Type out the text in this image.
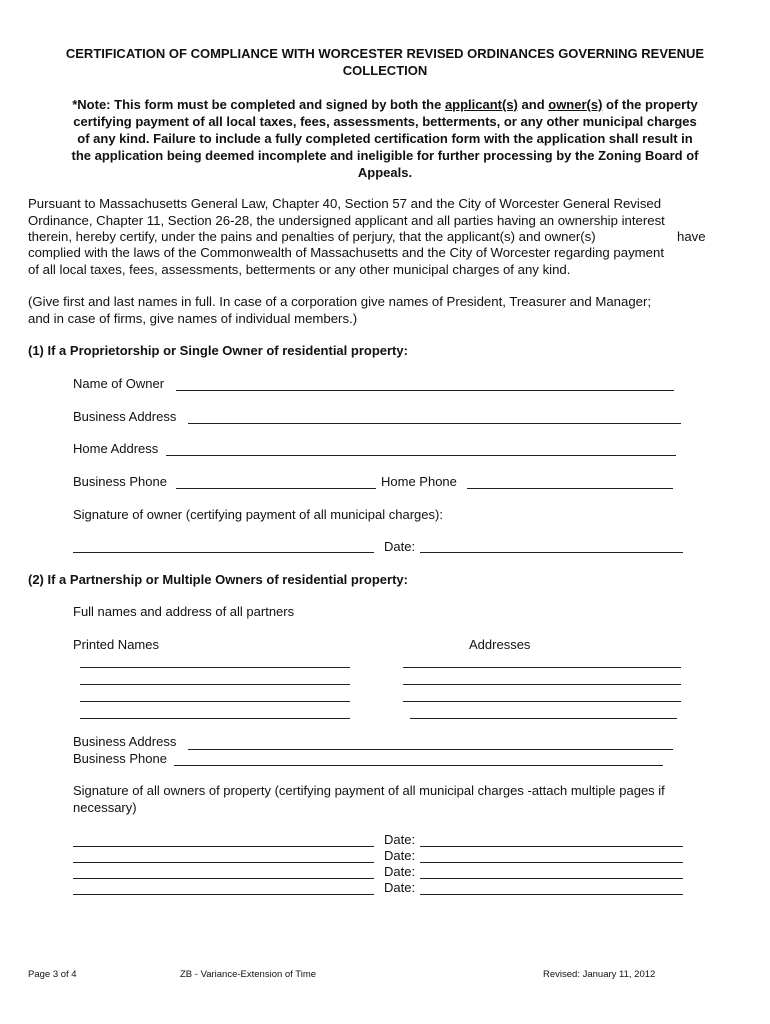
CERTIFICATION OF COMPLIANCE WITH WORCESTER REVISED ORDINANCES GOVERNING REVENUE
COLLECTION
*Note: This form must be completed and signed by both the applicant(s) and owner(s) of the property
certifying payment of all local taxes, fees, assessments, betterments, or any other municipal charges
of any kind. Failure to include a fully completed certification form with the application shall result in
the application being deemed incomplete and ineligible for further processing by the Zoning Board of
Appeals.
Pursuant to Massachusetts General Law, Chapter 40, Section 57 and the City of Worcester General Revised
Ordinance, Chapter 11, Section 26-28, the undersigned applicant and all parties having an ownership interest
therein, hereby certify, under the pains and penalties of perjury, that the applicant(s) and owner(s)	have
complied with the laws of the Commonwealth of Massachusetts and the City of Worcester regarding payment
of all local taxes, fees, assessments, betterments or any other municipal charges of any kind.
(Give first and last names in full. In case of a corporation give names of President, Treasurer and Manager;
and in case of firms, give names of individual members.)
(1) If a Proprietorship or Single Owner of residential property:
Name of Owner
Business Address
Home Address
Business Phone	Home Phone
Signature of owner (certifying payment of all municipal charges):
Date:
(2) If a Partnership or Multiple Owners of residential property:
Full names and address of all partners
Printed Names	Addresses
Business Address
Business Phone
Signature of all owners of property (certifying payment of all municipal charges -attach multiple pages if
necessary)
Date:
Date:
Date:
Date:
Page 3 of 4	ZB - Variance-Extension of Time	Revised: January 11, 2012
